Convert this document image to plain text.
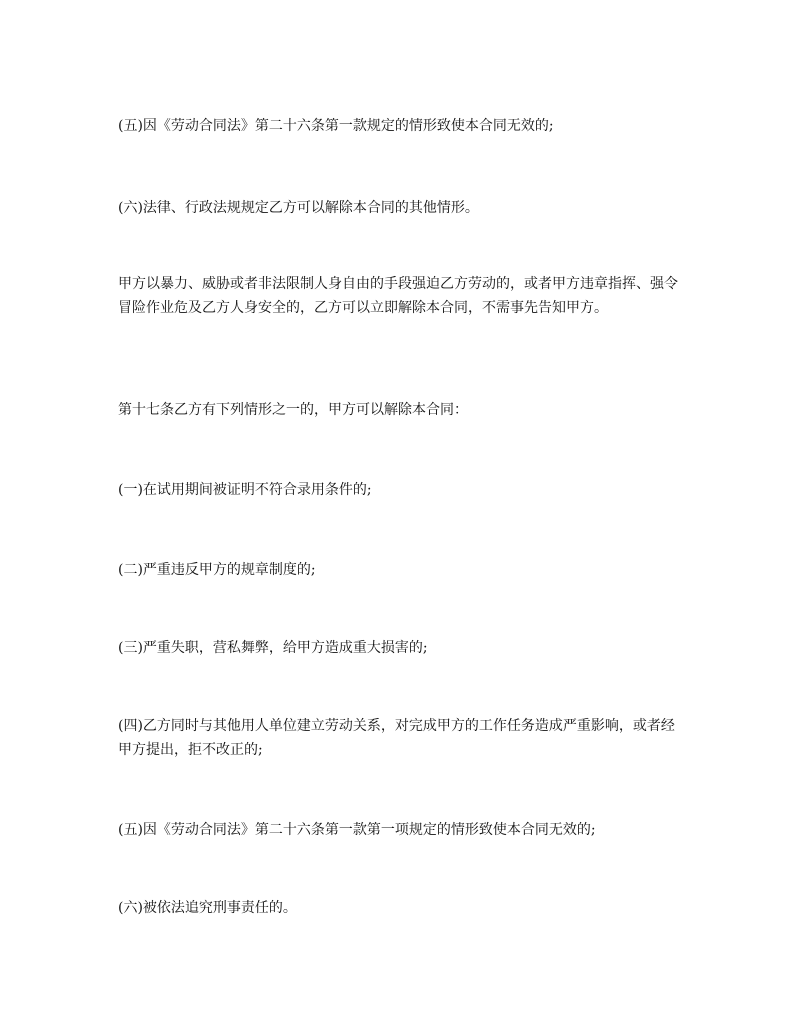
(五)因《劳动合同法》第二十六条第一款规定的情形致使本合同无效的;

(六)法律、行政法规规定乙方可以解除本合同的其他情形。

甲方以暴力、威胁或者非法限制人身自由的手段强迫乙方劳动的，或者甲方违章指挥、强令冒险作业危及乙方人身安全的，乙方可以立即解除本合同，不需事先告知甲方。

第十七条乙方有下列情形之一的，甲方可以解除本合同：

(一)在试用期间被证明不符合录用条件的;

(二)严重违反甲方的规章制度的;

(三)严重失职，营私舞弊，给甲方造成重大损害的;

(四)乙方同时与其他用人单位建立劳动关系，对完成甲方的工作任务造成严重影响，或者经甲方提出，拒不改正的;

(五)因《劳动合同法》第二十六条第一款第一项规定的情形致使本合同无效的;

(六)被依法追究刑事责任的。
